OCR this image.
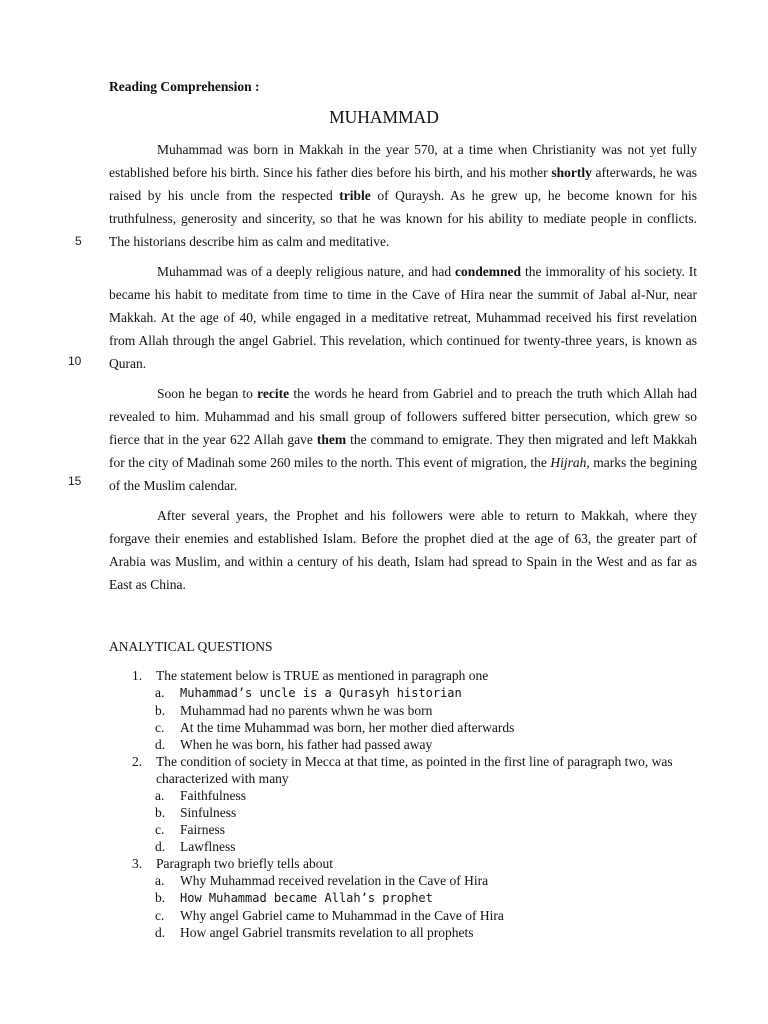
Reading Comprehension :
MUHAMMAD

Muhammad was born in Makkah in the year 570, at a time when Christianity was not yet fully established before his birth. Since his father dies before his birth, and his mother shortly afterwards, he was raised by his uncle from the respected trible of Quraysh. As he grew up, he become known for his truthfulness, generosity and sincerity, so that he was known for his ability to mediate people in conflicts. The historians describe him as calm and meditative.

Muhammad was of a deeply religious nature, and had condemned the immorality of his society. It became his habit to meditate from time to time in the Cave of Hira near the summit of Jabal al-Nur, near Makkah. At the age of 40, while engaged in a meditative retreat, Muhammad received his first revelation from Allah through the angel Gabriel. This revelation, which continued for twenty-three years, is known as Quran.

Soon he began to recite the words he heard from Gabriel and to preach the truth which Allah had revealed to him. Muhammad and his small group of followers suffered bitter persecution, which grew so fierce that in the year 622 Allah gave them the command to emigrate. They then migrated and left Makkah for the city of Madinah some 260 miles to the north. This event of migration, the Hijrah, marks the begining of the Muslim calendar.

After several years, the Prophet and his followers were able to return to Makkah, where they forgave their enemies and established Islam. Before the prophet died at the age of 63, the greater part of Arabia was Muslim, and within a century of his death, Islam had spread to Spain in the West and as far as East as China.

5
10
15
ANALYTICAL QUESTIONS
1. The statement below is TRUE as mentioned in paragraph one
a. Muhammad’s uncle is a Qurasyh historian
b. Muhammad had no parents whwn he was born
c. At the time Muhammad was born, her mother died afterwards
d. When he was born, his father had passed away
2. The condition of society in Mecca at that time, as pointed in the first line of paragraph two, was characterized with many
a. Faithfulness
b. Sinfulness
c. Fairness
d. Lawflness
3. Paragraph two briefly tells about
a. Why Muhammad received revelation in the Cave of Hira
b. How Muhammad became Allah’s prophet
c. Why angel Gabriel came to Muhammad in the Cave of Hira
d. How angel Gabriel transmits revelation to all prophets
